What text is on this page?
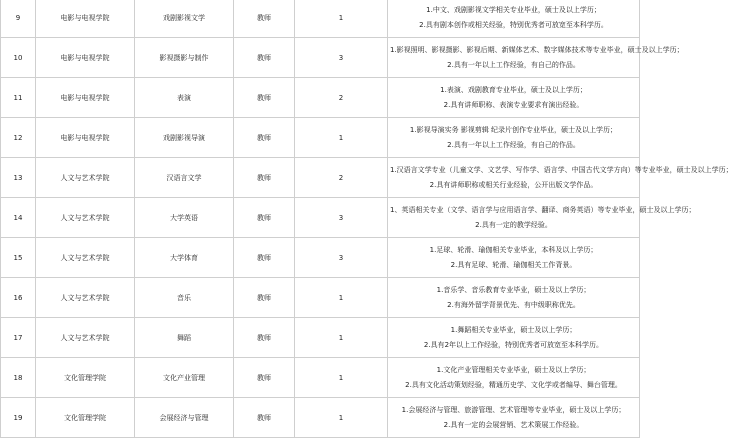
9	电影与电视学院	戏剧影视文学	教师	1	1.中文、戏剧影视文学相关专业毕业，硕士及以上学历；
2.具有剧本创作或相关经验，特别优秀者可放宽至本科学历。

10	电影与电视学院	影视摄影与制作	教师	3	1.影视照明、影视摄影、影视后期、新媒体艺术、数字媒体技术等专业毕业，硕士及以上学历；
2.具有一年以上工作经验，有自己的作品。

11	电影与电视学院	表演	教师	2	1.表演、戏剧教育专业毕业，硕士及以上学历；
2.具有讲师职称、表演专业要求有演出经验。

12	电影与电视学院	戏剧影视导演	教师	1	1.影视导演实务 影视剪辑 纪录片创作专业毕业，硕士及以上学历；
2.具有一年以上工作经验，有自己的作品。

13	人文与艺术学院	汉语言文学	教师	2	1.汉语言文学专业（儿童文学、文艺学、写作学、语言学、中国古代文学方向）等专业毕业，硕士及以上学历；
2.具有讲师职称或相关行业经验，公开出版文学作品。

14	人文与艺术学院	大学英语	教师	3	1、英语相关专业（文学、语言学与应用语言学、翻译、商务英语）等专业毕业，硕士及以上学历；
2.具有一定的教学经验。

15	人文与艺术学院	大学体育	教师	3	1.足球、轮滑、瑜伽相关专业毕业，本科及以上学历；
2.具有足球、轮滑、瑜伽相关工作背景。

16	人文与艺术学院	音乐	教师	1	1.音乐学、音乐教育专业毕业，硕士及以上学历；
2.有海外留学背景优先、有中级职称优先。

17	人文与艺术学院	舞蹈	教师	1	1.舞蹈相关专业毕业，硕士及以上学历；
2.具有2年以上工作经验，特别优秀者可放宽至本科学历。

18	文化管理学院	文化产业管理	教师	1	1.文化产业管理相关专业毕业，硕士及以上学历；
2.具有文化活动策划经验，精通历史学、文化学或者编导、舞台管理。

19	文化管理学院	会展经济与管理	教师	1	1.会展经济与管理、旅游管理、艺术管理等专业毕业，硕士及以上学历；
2.具有一定的会展营销、艺术策展工作经验。
